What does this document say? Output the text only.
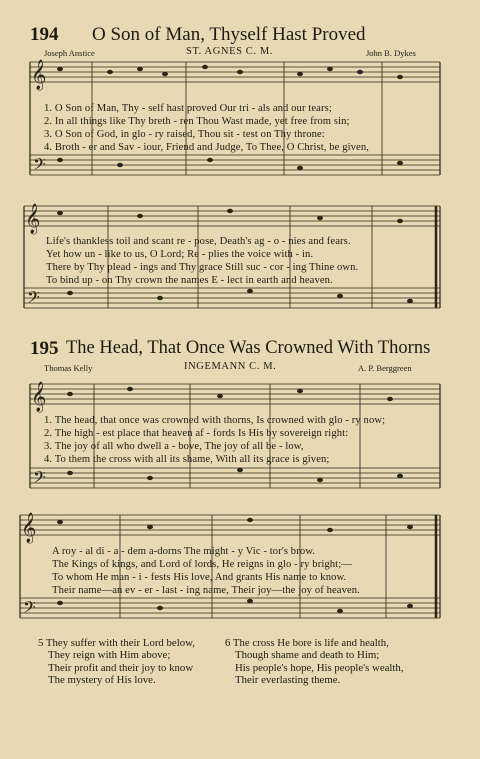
𝄞
𝄢
𝄞
𝄢
𝄞
𝄢
𝄞
𝄢
194 O Son of Man, Thyself Hast Proved
Joseph Anstice	ST. AGNES C. M.	John B. Dykes
1. O Son of Man, Thy - self hast proved Our tri - als and our tears;
2. In all things like Thy breth - ren Thou Wast made, yet free from sin;
3. O Son of God, in glo - ry raised, Thou sit - test on Thy throne:
4. Broth - er and Sav - iour, Friend and Judge, To Thee, O Christ, be given,
Life's thankless toil and scant re - pose, Death's ag - o - nies and fears.
Yet how un - like to us, O Lord; Re - plies the voice with - in.
There by Thy plead - ings and Thy grace Still suc - cor - ing Thine own.
To bind up - on Thy crown the names E - lect in earth and heaven.
195 The Head, That Once Was Crowned With Thorns
Thomas Kelly	INGEMANN C. M.	A. P. Berggreen
1. The head, that once was crowned with thorns, Is crowned with glo - ry now;
2. The high - est place that heaven af - fords Is His by sovereign right:
3. The joy of all who dwell a - bove, The joy of all be - low,
4. To them the cross with all its shame, With all its grace is given;
A roy - al di - a - dem a-dorns The might - y Vic - tor's brow.
The Kings of kings, and Lord of lords, He reigns in glo - ry bright;—
To whom He man - i - fests His love, And grants His name to know.
Their name—an ev - er - last - ing name, Their joy—the joy of heaven.
5 They suffer with their Lord below,
They reign with Him above;
Their profit and their joy to know
The mystery of His love.
6 The cross He bore is life and health,
Though shame and death to Him;
His people's hope, His people's wealth,
Their everlasting theme.
